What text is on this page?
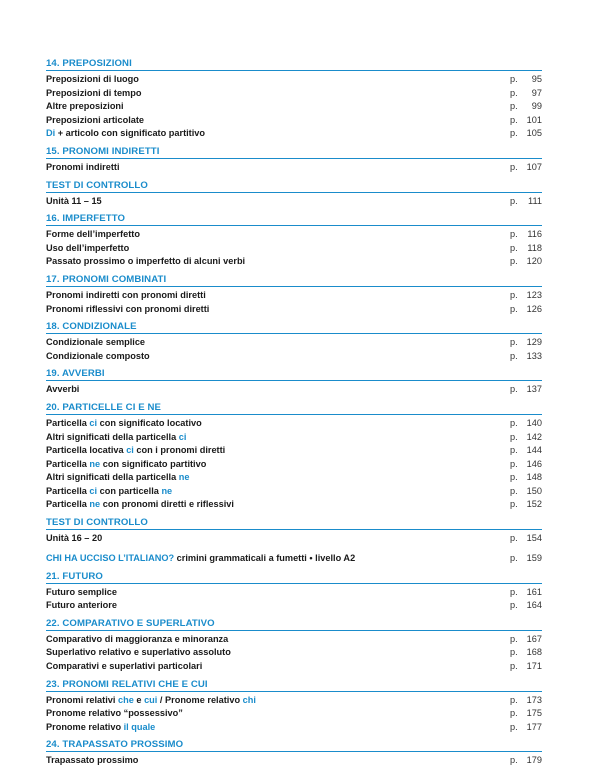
14. PREPOSIZIONI
Preposizioni di luogo	p. 95
Preposizioni di tempo	p. 97
Altre preposizioni	p. 99
Preposizioni articolate	p. 101
Di + articolo con significato partitivo	p. 105
15. PRONOMI INDIRETTI
Pronomi indiretti	p. 107
TEST DI CONTROLLO
Unità 11 – 15	p. 111
16. IMPERFETTO
Forme dell’imperfetto	p. 116
Uso dell’imperfetto	p. 118
Passato prossimo o imperfetto di alcuni verbi	p. 120
17. PRONOMI COMBINATI
Pronomi indiretti con pronomi diretti	p. 123
Pronomi riflessivi con pronomi diretti	p. 126
18. CONDIZIONALE
Condizionale semplice	p. 129
Condizionale composto	p. 133
19. AVVERBI
Avverbi	p. 137
20. PARTICELLE CI E NE
Particella ci con significato locativo	p. 140
Altri significati della particella ci	p. 142
Particella locativa ci con i pronomi diretti	p. 144
Particella ne con significato partitivo	p. 146
Altri significati della particella ne	p. 148
Particella ci con particella ne	p. 150
Particella ne con pronomi diretti e riflessivi	p. 152
TEST DI CONTROLLO
Unità 16 – 20	p. 154
CHI HA UCCISO L’ITALIANO? crimini grammaticali a fumetti • livello A2	p. 159
21. FUTURO
Futuro semplice	p. 161
Futuro anteriore	p. 164
22. COMPARATIVO E SUPERLATIVO
Comparativo di maggioranza e minoranza	p. 167
Superlativo relativo e superlativo assoluto	p. 168
Comparativi e superlativi particolari	p. 171
23. PRONOMI RELATIVI CHE E CUI
Pronomi relativi che e cui / Pronome relativo chi	p. 173
Pronome relativo “possessivo”	p. 175
Pronome relativo il quale	p. 177
24. TRAPASSATO PROSSIMO
Trapassato prossimo	p. 179
